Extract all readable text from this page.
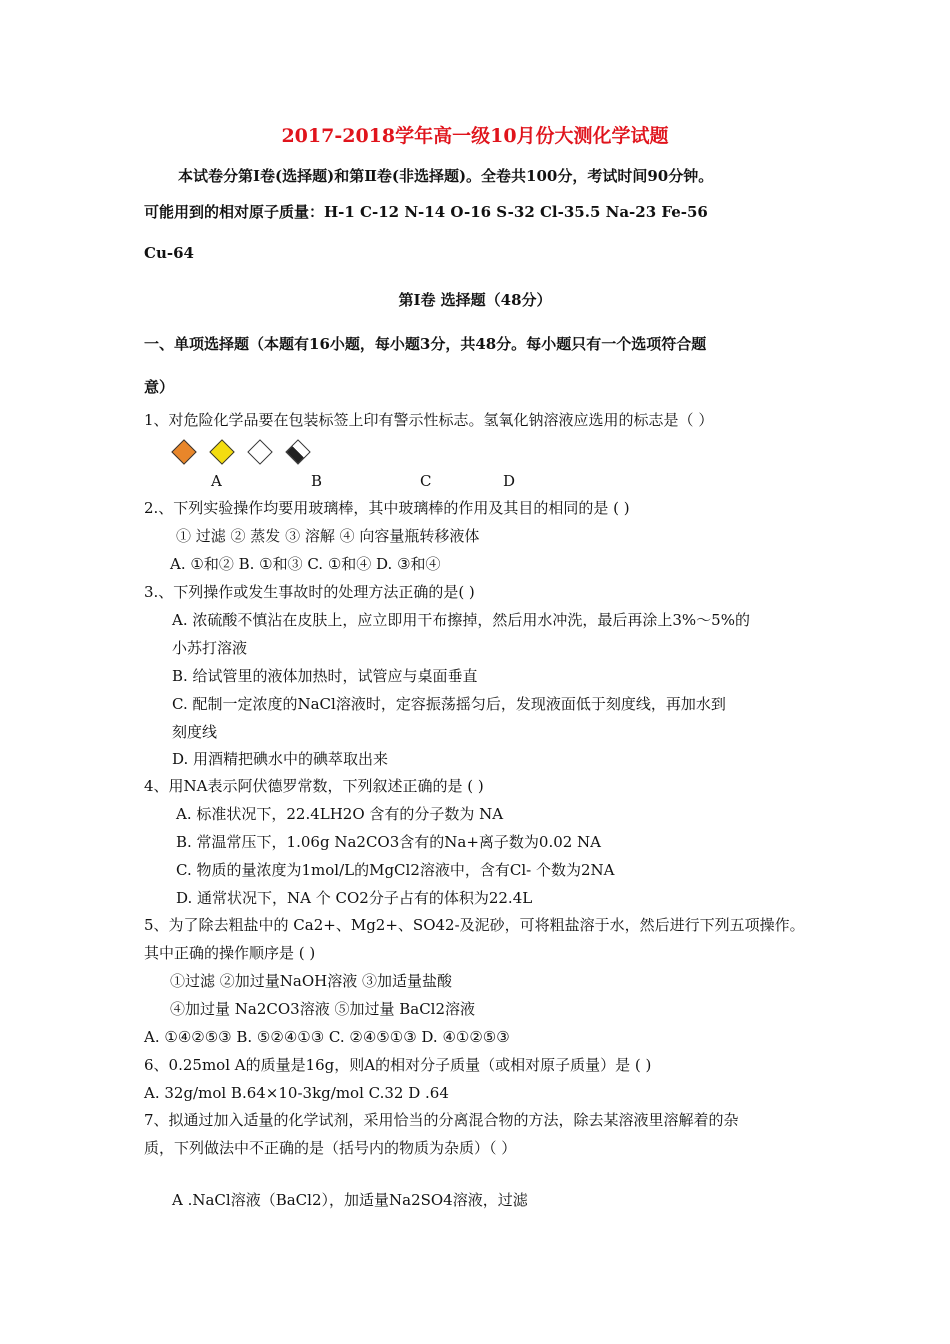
2017-2018学年高一级10月份大测化学试题
本试卷分第Ⅰ卷(选择题)和第Ⅱ卷(非选择题)。全卷共100分，考试时间90分钟。
可能用到的相对原子质量：H-1 C-12 N-14 O-16 S-32 Cl-35.5 Na-23 Fe-56
Cu-64
第Ⅰ卷 选择题（48分）
一、单项选择题（本题有16小题，每小题3分，共48分。每小题只有一个选项符合题
意）
1、对危险化学品要在包装标签上印有警示性标志。氢氧化钠溶液应选用的标志是（ ）
A	B	C	D
2.、下列实验操作均要用玻璃棒，其中玻璃棒的作用及其目的相同的是 ( )
① 过滤 ② 蒸发 ③ 溶解 ④ 向容量瓶转移液体
A. ①和② B. ①和③ C. ①和④ D. ③和④
3.、下列操作或发生事故时的处理方法正确的是( )
A. 浓硫酸不慎沾在皮肤上，应立即用干布擦掉，然后用水冲洗，最后再涂上3%～5%的
小苏打溶液
B. 给试管里的液体加热时，试管应与桌面垂直
C. 配制一定浓度的NaCl溶液时，定容振荡摇匀后，发现液面低于刻度线，再加水到
刻度线
D. 用酒精把碘水中的碘萃取出来
4、用NA表示阿伏德罗常数，下列叙述正确的是 ( )
A. 标准状况下，22.4LH2O 含有的分子数为 NA
B. 常温常压下，1.06g Na2CO3含有的Na+离子数为0.02 NA
C. 物质的量浓度为1mol/L的MgCl2溶液中，含有Cl- 个数为2NA
D. 通常状况下，NA 个 CO2分子占有的体积为22.4L
5、为了除去粗盐中的 Ca2+、Mg2+、SO42-及泥砂，可将粗盐溶于水，然后进行下列五项操作。
其中正确的操作顺序是 ( )
①过滤 ②加过量NaOH溶液 ③加适量盐酸
④加过量 Na2CO3溶液 ⑤加过量 BaCl2溶液
A. ①④②⑤③ B. ⑤②④①③ C. ②④⑤①③ D. ④①②⑤③
6、0.25mol A的质量是16g，则A的相对分子质量（或相对原子质量）是 ( )
A. 32g/mol B.64×10-3kg/mol C.32 D .64
7、拟通过加入适量的化学试剂，采用恰当的分离混合物的方法，除去某溶液里溶解着的杂
质，下列做法中不正确的是（括号内的物质为杂质）（ ）
A .NaCl溶液（BaCl2），加适量Na2SO4溶液，过滤
